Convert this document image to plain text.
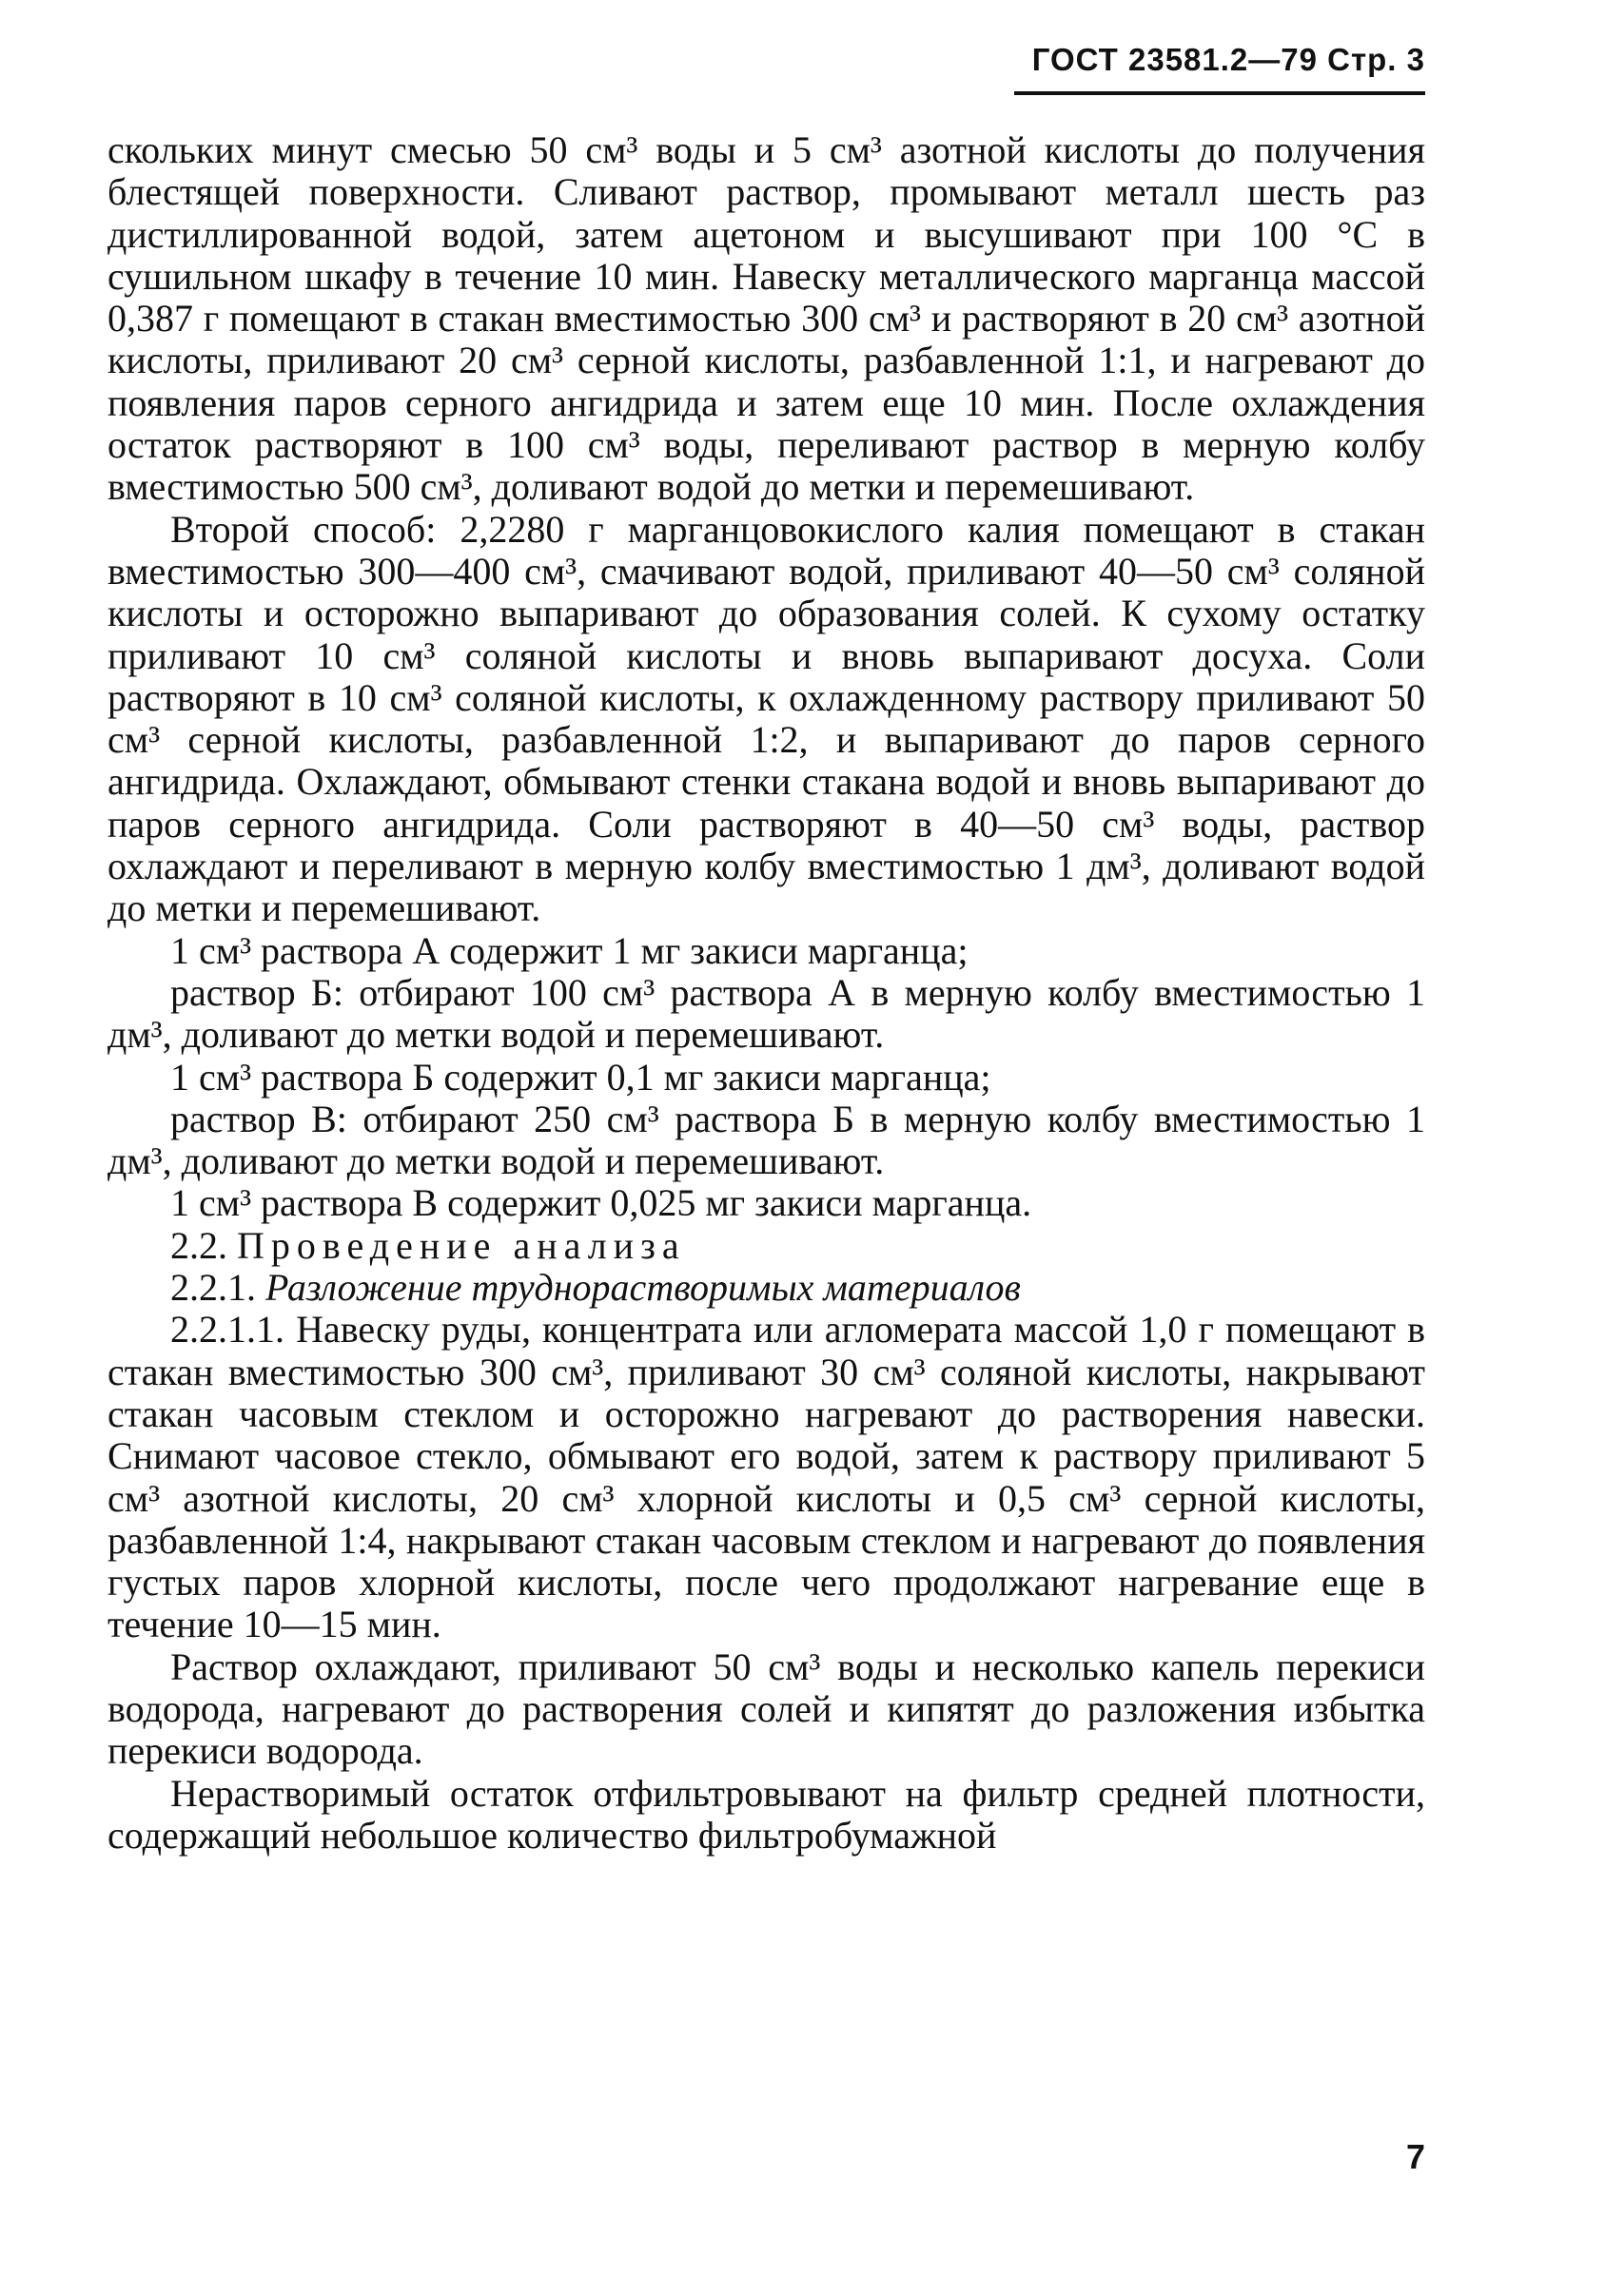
ГОСТ 23581.2—79 Стр. 3

скольких минут смесью 50 см³ воды и 5 см³ азотной кислоты до получения блестящей поверхности. Сливают раствор, промывают металл шесть раз дистиллированной водой, затем ацетоном и высушивают при 100 °С в сушильном шкафу в течение 10 мин. Навеску металлического марганца массой 0,387 г помещают в стакан вместимостью 300 см³ и растворяют в 20 см³ азотной кислоты, приливают 20 см³ серной кислоты, разбавленной 1:1, и нагревают до появления паров серного ангидрида и затем еще 10 мин. После охлаждения остаток растворяют в 100 см³ воды, переливают раствор в мерную колбу вместимостью 500 см³, доливают водой до метки и перемешивают.

Второй способ: 2,2280 г марганцовокислого калия помещают в стакан вместимостью 300—400 см³, смачивают водой, приливают 40—50 см³ соляной кислоты и осторожно выпаривают до образования солей. К сухому остатку приливают 10 см³ соляной кислоты и вновь выпаривают досуха. Соли растворяют в 10 см³ соляной кислоты, к охлажденному раствору приливают 50 см³ серной кислоты, разбавленной 1:2, и выпаривают до паров серного ангидрида. Охлаждают, обмывают стенки стакана водой и вновь выпаривают до паров серного ангидрида. Соли растворяют в 40—50 см³ воды, раствор охлаждают и переливают в мерную колбу вместимостью 1 дм³, доливают водой до метки и перемешивают.

1 см³ раствора А содержит 1 мг закиси марганца;

раствор Б: отбирают 100 см³ раствора А в мерную колбу вместимостью 1 дм³, доливают до метки водой и перемешивают.

1 см³ раствора Б содержит 0,1 мг закиси марганца;

раствор В: отбирают 250 см³ раствора Б в мерную колбу вместимостью 1 дм³, доливают до метки водой и перемешивают.

1 см³ раствора В содержит 0,025 мг закиси марганца.

2.2. Проведение анализа

2.2.1. Разложение труднорастворимых материалов

2.2.1.1. Навеску руды, концентрата или агломерата массой 1,0 г помещают в стакан вместимостью 300 см³, приливают 30 см³ соляной кислоты, накрывают стакан часовым стеклом и осторожно нагревают до растворения навески. Снимают часовое стекло, обмывают его водой, затем к раствору приливают 5 см³ азотной кислоты, 20 см³ хлорной кислоты и 0,5 см³ серной кислоты, разбавленной 1:4, накрывают стакан часовым стеклом и нагревают до появления густых паров хлорной кислоты, после чего продолжают нагревание еще в течение 10—15 мин.

Раствор охлаждают, приливают 50 см³ воды и несколько капель перекиси водорода, нагревают до растворения солей и кипятят до разложения избытка перекиси водорода.

Нерастворимый остаток отфильтровывают на фильтр средней плотности, содержащий небольшое количество фильтробумажной

7
